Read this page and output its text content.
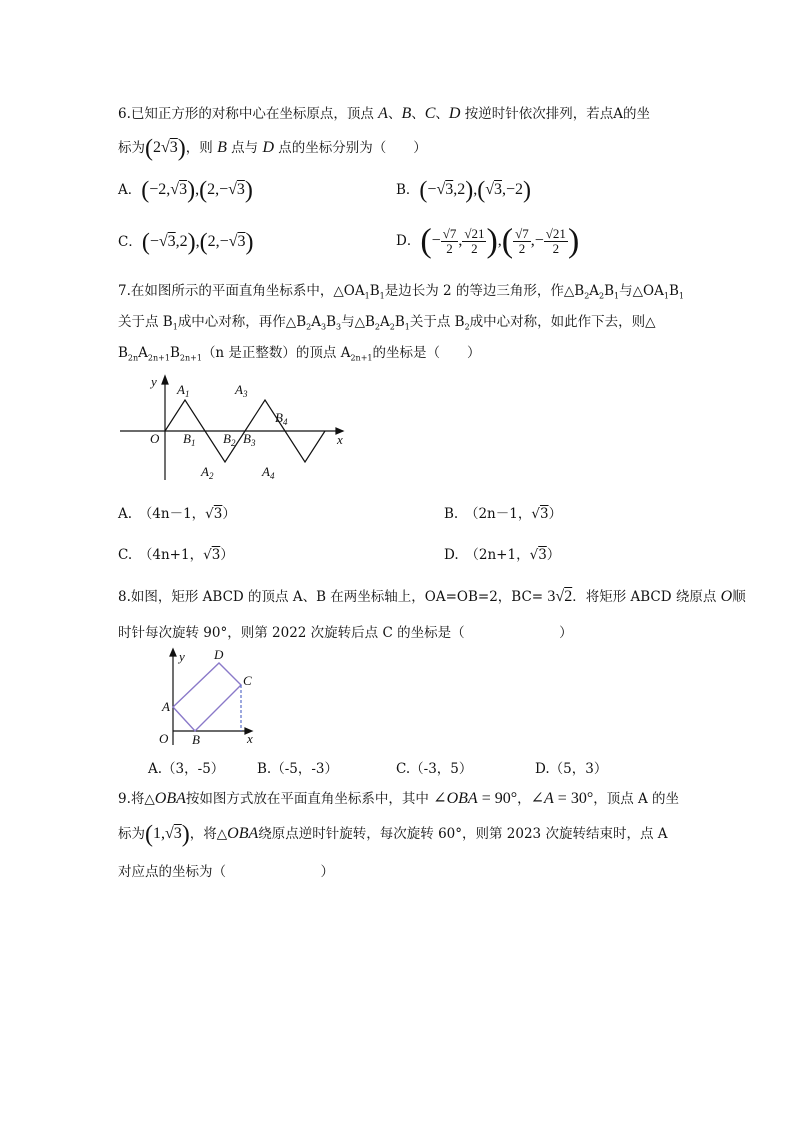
6.已知正方形的对称中心在坐标原点，顶点 A、B、C、D 按逆时针依次排列，若点A的坐
标为(2√3)，则 B 点与 D 点的坐标分别为（　　）
A．(−2,√3),(2,−√3)	B．(−√3,2),(√3,−2)
C．(−√3,2),(2,−√3)	D．(− $\frac{√7}{2}$ , $\frac{√21}{2}$ ),( $\frac{√7}{2}$ ,− $\frac{√21}{2}$ )
7.在如图所示的平面直角坐标系中，$\triangle OA_1B_1$是边长为 2 的等边三角形，作$\triangle B_2A_2B_1$与$\triangle OA_1B_1$
关于点 $B_1$成中心对称，再作$\triangle B_2A_3B_3$与$\triangle B_2A_2B_1$关于点 $B_2$成中心对称，如此作下去，则△
$B_{2n}A_{2n+1}B_{2n+1}(n$ 是正整数）的顶点 $A_{2n+1}$的坐标是（　　）
y
x
O
$A_1$	$A_3$
$A_2$	$A_4$
$B_1$ $B_2$ $B_3$
$B_4$
A.　（4n－1，√3）	B.　（2n－1，√3）
C.　（4n+1，√3）	D.　（2n+1，√3）
8.如图，矩形 ABCD 的顶点 A、B 在两坐标轴上，OA=OB=2，BC= 3√2．将矩形 ABCD 绕原点 O顺
时针每次旋转 90°，则第 2022 次旋转后点 C 的坐标是（　　　　　　　）
y
x
O
A
B
C
D
A.（3，-5） B.（-5，-3）	C.（-3，5）	D.（5，3）
9.将△OBA按如图方式放在平面直角坐标系中，其中 ∠OBA = 90°，∠A = 30°，顶点 A 的坐
标为(1,√3)，将△OBA绕原点逆时针旋转，每次旋转 60°，则第 2023 次旋转结束时，点 A
对应点的坐标为（　　　　　　　）
